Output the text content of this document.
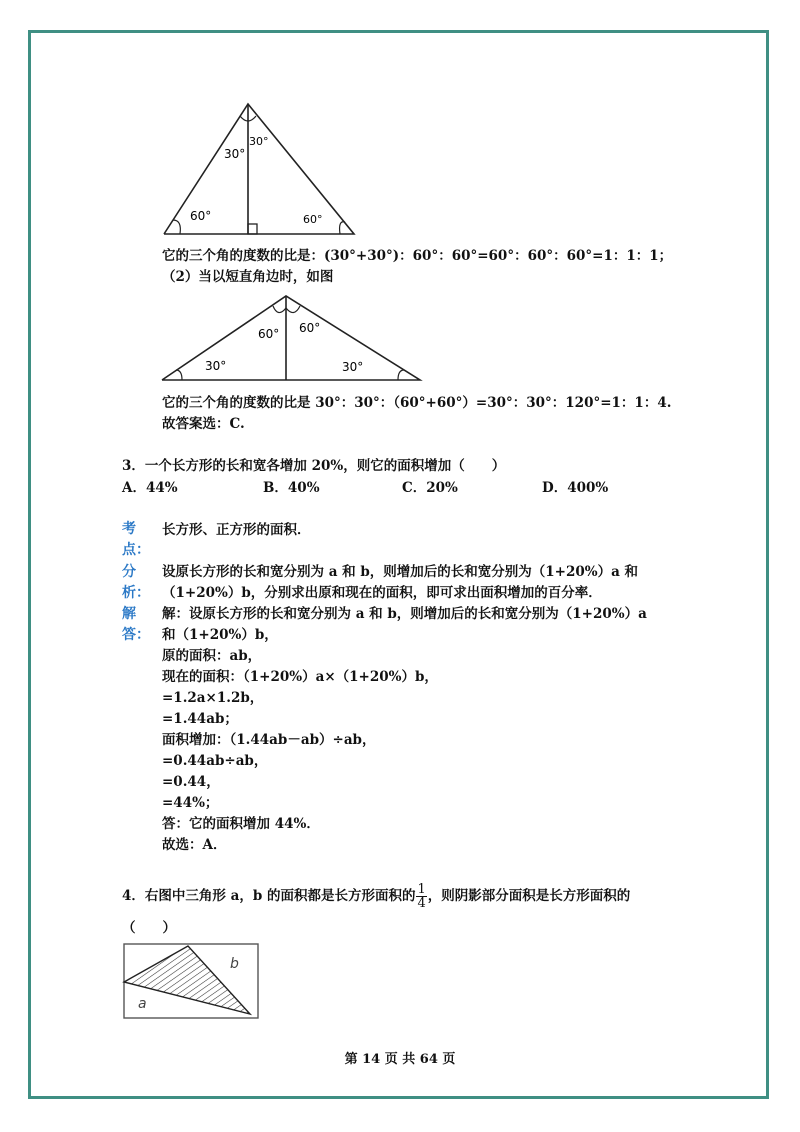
30°
30°
60°	60°
它的三个角的度数的比是：(30°+30°)：60°：60°=60°：60°：60°=1：1：1；
（2）当以短直角边时，如图
60° 60°
30°	30°
它的三个角的度数的比是 30°：30°：（60°+60°）=30°：30°：120°=1：1：4.
故答案选：C.
3．一个长方形的长和宽各增加 20%，则它的面积增加（　　）
A．44%	B．40%	C．20%	D．400%
考
点：
长方形、正方形的面积．
分
析：
设原长方形的长和宽分别为 a 和 b，则增加后的长和宽分别为（1+20%）a 和
（1+20%）b，分别求出原和现在的面积，即可求出面积增加的百分率．
解
答：
解：设原长方形的长和宽分别为 a 和 b，则增加后的长和宽分别为（1+20%）a
和（1+20%）b，
原的面积：ab，
现在的面积：（1+20%）a×（1+20%）b，
=1.2a×1.2b，
=1.44ab；
面积增加：（1.44ab－ab）÷ab，
=0.44ab÷ab，
=0.44，
=44%；
答：它的面积增加 44%．
故选：A．
4．右图中三角形 a，b 的面积都是长方形面积的 $\frac{1}{4}$ ，则阴影部分面积是长方形面积的
（　　）
a
b
第 14 页 共 64 页
